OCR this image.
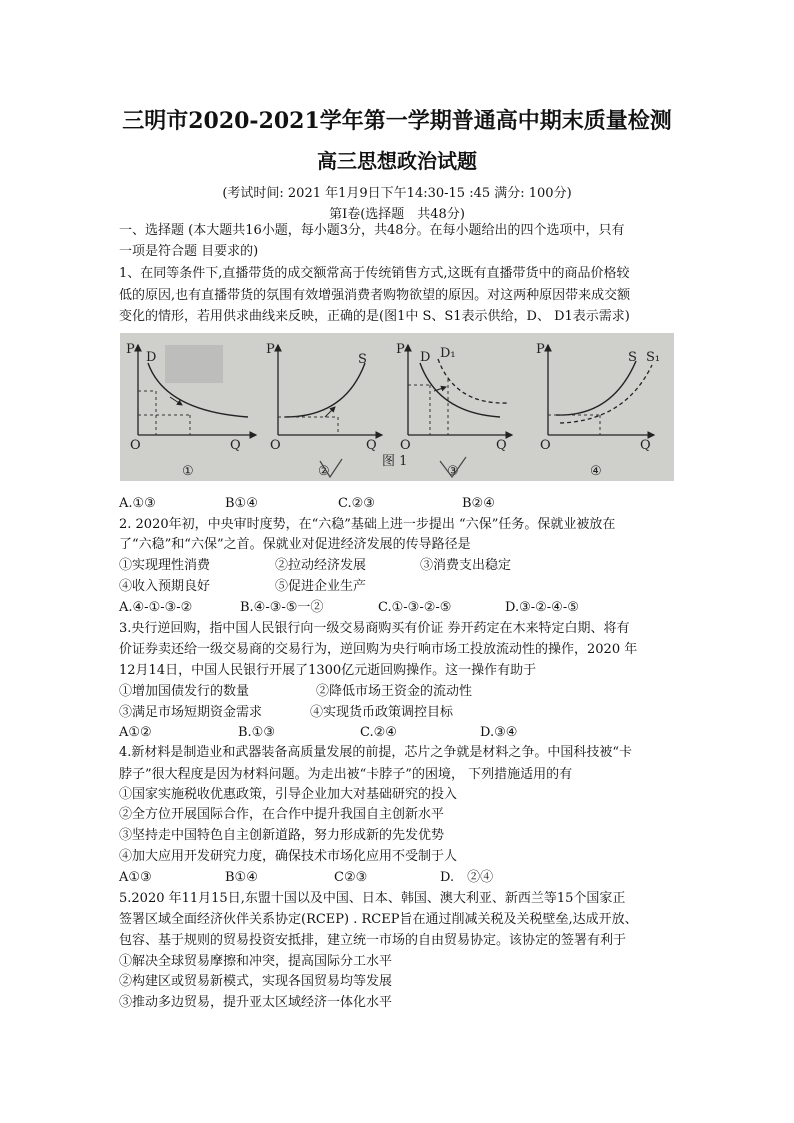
三明市2020-2021学年第一学期普通高中期末质量检测
高三思想政治试题
(考试时间: 2021 年1月9日下午14:30-15 :45 满分: 100分)
第Ⅰ卷(选择题　共48分)
一、选择题 (本大题共16小题，每小题3分，共48分。在每小题给出的四个选项中，只有
一项是符合题 目要求的)
1、在同等条件下,直播带货的成交额常高于传统销售方式,这既有直播带货中的商品价格较
低的原因,也有直播带货的氛围有效增强消费者购物欲望的原因。对这两种原因带来成交额
变化的情形，若用供求曲线来反映，正确的是(图1中 S、S1表示供给，D、 D1表示需求)
P
Q
O
D
①
P
Q
O
S
②
P
Q
O
D D₁
③
P
Q
O
S S₁
④
图 1
A.①③	B①④	C.②③	B②④
2. 2020年初，中央审时度势，在“六稳”基础上进一步提出 “六保”任务。保就业被放在
了“六稳”和“六保”之首。保就业对促进经济发展的传导路径是
①实现理性消费	②拉动经济发展	③消费支出稳定
④收入预期良好	⑤促进企业生产
A.④-①-③-②	B.④-③-⑤一②	C.①-③-②-⑤	D.③-②-④-⑤
3.央行逆回购，指中国人民银行向一级交易商购买有价证 券开药定在木来特定白期、将有
价证券卖还给一级交易商的交易行为，逆回购为央行响市场工投放流动性的操作，2020 年
12月14日，中国人民银行开展了1300亿元逝回购操作。这一操作有助于
①增加国债发行的数量	②降低市场王资金的流动性
③满足市场短期资金需求	④实现货币政策调控目标
A①②	B.①③	C.②④	D.③④
4.新材料是制造业和武器装备高质量发展的前提，芯片之争就是材料之争。中国科技被“卡
脖子”很大程度是因为材料问题。为走出被“卡脖子”的困境， 下列措施适用的有
①国家实施税收优惠政策，引导企业加大对基础研究的投入
②全方位开展国际合作，在合作中提升我国自主创新水平
③坚持走中国特色自主创新道路，努力形成新的先发优势
④加大应用开发研究力度，确保技术市场化应用不受制于人
A①③	B①④	C②③	D.　②④
5.2020 年11月15日,东盟十国以及中国、日本、韩国、澳大利亚、新西兰等15个国家正
签署区域全面经济伙伴关系协定(RCEP) . RCEP旨在通过削减关税及关税壁垒,达成开放、
包容、基于规则的贸易投资安抵排，建立统一市场的自由贸易协定。该协定的签署有利于
①解决全球贸易摩擦和冲突，提高国际分工水平
②构建区或贸易新模式，实现各国贸易均等发展
③推动多边贸易，提升亚太区域经济一体化水平
